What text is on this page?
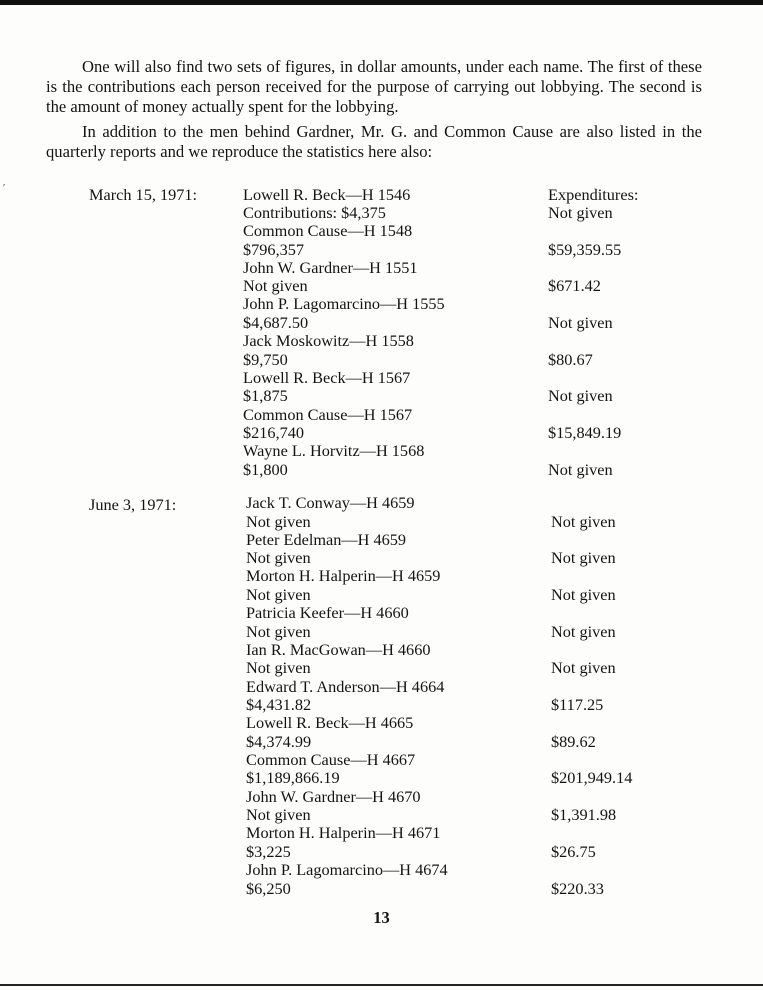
′

One will also find two sets of figures, in dollar amounts, under each name. The first of these is the contributions each person received for the purpose of carrying out lobbying. The second is the amount of money actually spent for the lobbying.

In addition to the men behind Gardner, Mr. G. and Common Cause are also listed in the quarterly reports and we reproduce the statistics here also:

March 15, 1971:	Lowell R. Beck—H 1546	Expenditures:
Contributions: $4,375	Not given
Common Cause—H 1548
$796,357	$59,359.55
John W. Gardner—H 1551
Not given	$671.42
John P. Lagomarcino—H 1555
$4,687.50	Not given
Jack Moskowitz—H 1558
$9,750	$80.67
Lowell R. Beck—H 1567
$1,875	Not given
Common Cause—H 1567
$216,740	$15,849.19
Wayne L. Horvitz—H 1568
$1,800	Not given
June 3, 1971:	Jack T. Conway—H 4659
Not given	Not given
Peter Edelman—H 4659
Not given	Not given
Morton H. Halperin—H 4659
Not given	Not given
Patricia Keefer—H 4660
Not given	Not given
Ian R. MacGowan—H 4660
Not given	Not given
Edward T. Anderson—H 4664
$4,431.82	$117.25
Lowell R. Beck—H 4665
$4,374.99	$89.62
Common Cause—H 4667
$1,189,866.19	$201,949.14
John W. Gardner—H 4670
Not given	$1,391.98
Morton H. Halperin—H 4671
$3,225	$26.75
John P. Lagomarcino—H 4674
$6,250	$220.33
13
